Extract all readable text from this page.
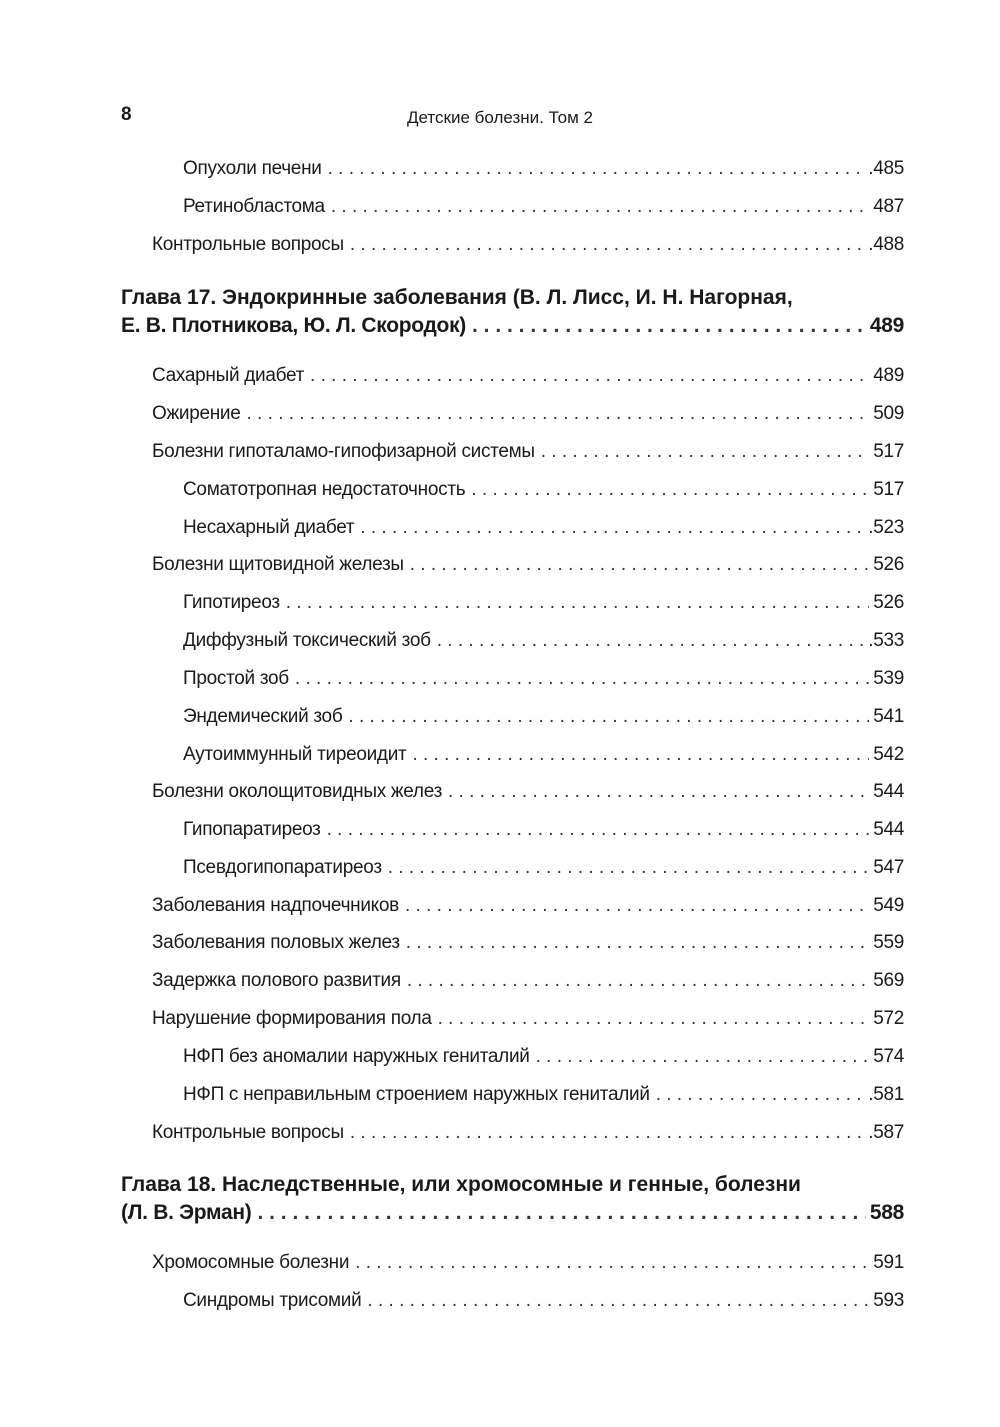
8	Детские болезни. Том 2
Опухоли печени . . .	.485
Ретинобластома . . .	487
Контрольные вопросы . . .	.488
Глава 17. Эндокринные заболевания (В. Л. Лисс, И. Н. Нагорная,
Е. В. Плотникова, Ю. Л. Скородок) . . .	489
Сахарный диабет . . .	489
Ожирение . . .	509
Болезни гипоталамо-гипофизарной системы . . .	517
Соматотропная недостаточность . . .	517
Несахарный диабет . . .	.523
Болезни щитовидной железы . . .	526
Гипотиреоз . . .	526
Диффузный токсический зоб . . .	.533
Простой зоб . . .	539
Эндемический зоб . . .	541
Аутоиммунный тиреоидит . . .	542
Болезни околощитовидных желез . . .	544
Гипопаратиреоз . . .	544
Псевдогипопаратиреоз . . .	547
Заболевания надпочечников . . .	549
Заболевания половых желез . . .	559
Задержка полового развития . . .	569
Нарушение формирования пола . . .	572
НФП без аномалии наружных гениталий . . .	574
НФП с неправильным строением наружных гениталий . . .	.581
Контрольные вопросы . . .	.587
Глава 18. Наследственные, или хромосомные и генные, болезни
(Л. В. Эрман) . . .	588
Хромосомные болезни . . .	591
Синдромы трисомий . . .	593
